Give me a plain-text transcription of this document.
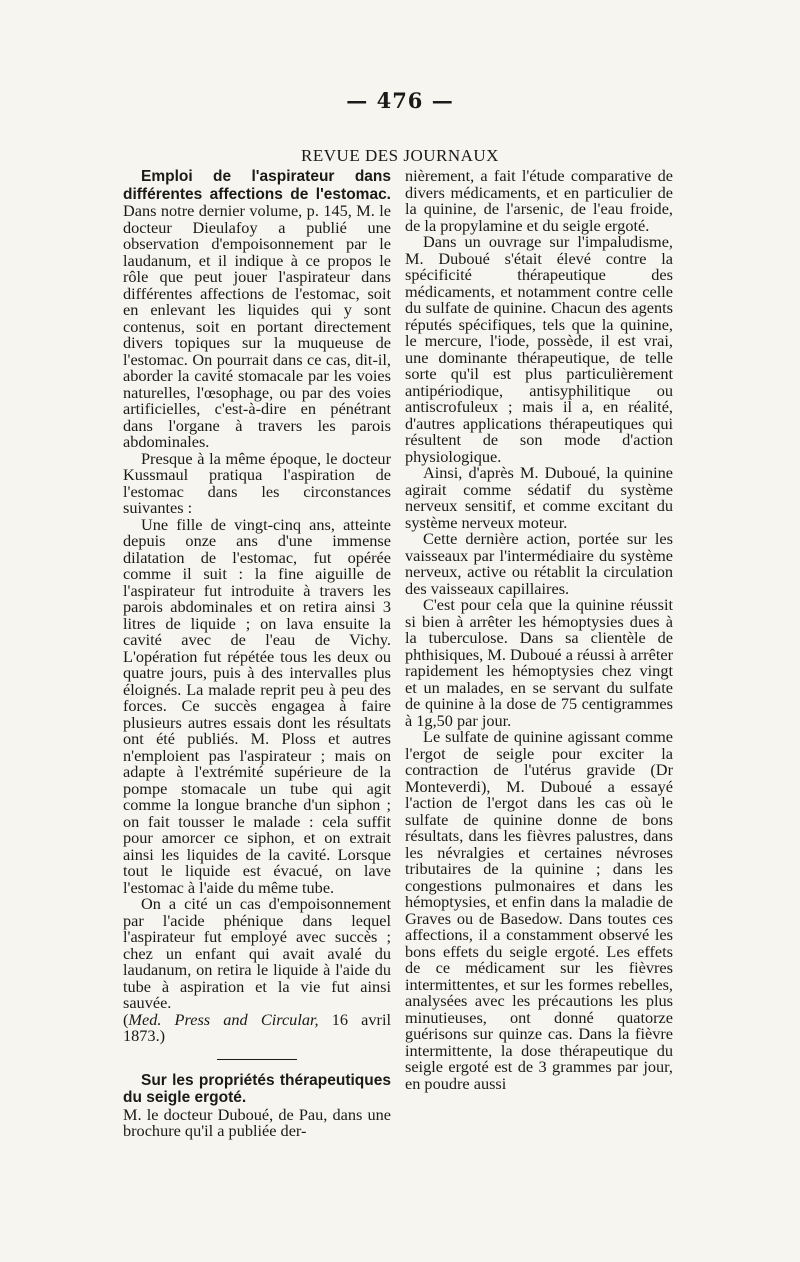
— 476 —
REVUE DES JOURNAUX

Emploi de l'aspirateur dans différentes affections de l'estomac. Dans notre dernier volume, p. 145, M. le docteur Dieulafoy a publié une observation d'empoisonnement par le laudanum, et il indique à ce propos le rôle que peut jouer l'aspirateur dans différentes affections de l'estomac, soit en enlevant les liquides qui y sont contenus, soit en portant directement divers topiques sur la muqueuse de l'estomac. On pourrait dans ce cas, dit-il, aborder la cavité stomacale par les voies naturelles, l'œsophage, ou par des voies artificielles, c'est-à-dire en pénétrant dans l'organe à travers les parois abdominales.

Presque à la même époque, le docteur Kussmaul pratiqua l'aspiration de l'estomac dans les circonstances suivantes :

Une fille de vingt-cinq ans, atteinte depuis onze ans d'une immense dilatation de l'estomac, fut opérée comme il suit : la fine aiguille de l'aspirateur fut introduite à travers les parois abdominales et on retira ainsi 3 litres de liquide ; on lava ensuite la cavité avec de l'eau de Vichy. L'opération fut répétée tous les deux ou quatre jours, puis à des intervalles plus éloignés. La malade reprit peu à peu des forces. Ce succès engagea à faire plusieurs autres essais dont les résultats ont été publiés. M. Ploss et autres n'emploient pas l'aspirateur ; mais on adapte à l'extrémité supérieure de la pompe stomacale un tube qui agit comme la longue branche d'un siphon ; on fait tousser le malade : cela suffit pour amorcer ce siphon, et on extrait ainsi les liquides de la cavité. Lorsque tout le liquide est évacué, on lave l'estomac à l'aide du même tube.

On a cité un cas d'empoisonnement par l'acide phénique dans lequel l'aspirateur fut employé avec succès ; chez un enfant qui avait avalé du laudanum, on retira le liquide à l'aide du tube à aspiration et la vie fut ainsi sauvée.

(Med. Press and Circular, 16 avril 1873.)

Sur les propriétés thérapeutiques du seigle ergoté.

M. le docteur Duboué, de Pau, dans une brochure qu'il a publiée der-

nièrement, a fait l'étude comparative de divers médicaments, et en particulier de la quinine, de l'arsenic, de l'eau froide, de la propylamine et du seigle ergoté.

Dans un ouvrage sur l'impaludisme, M. Duboué s'était élevé contre la spécificité thérapeutique des médicaments, et notamment contre celle du sulfate de quinine. Chacun des agents réputés spécifiques, tels que la quinine, le mercure, l'iode, possède, il est vrai, une dominante thérapeutique, de telle sorte qu'il est plus particulièrement antipériodique, antisyphilitique ou antiscrofuleux ; mais il a, en réalité, d'autres applications thérapeutiques qui résultent de son mode d'action physiologique.

Ainsi, d'après M. Duboué, la quinine agirait comme sédatif du système nerveux sensitif, et comme excitant du système nerveux moteur.

Cette dernière action, portée sur les vaisseaux par l'intermédiaire du système nerveux, active ou rétablit la circulation des vaisseaux capillaires.

C'est pour cela que la quinine réussit si bien à arrêter les hémoptysies dues à la tuberculose. Dans sa clientèle de phthisiques, M. Duboué a réussi à arrêter rapidement les hémoptysies chez vingt et un malades, en se servant du sulfate de quinine à la dose de 75 centigrammes à 1g,50 par jour.

Le sulfate de quinine agissant comme l'ergot de seigle pour exciter la contraction de l'utérus gravide (Dr Monteverdi), M. Duboué a essayé l'action de l'ergot dans les cas où le sulfate de quinine donne de bons résultats, dans les fièvres palustres, dans les névralgies et certaines névroses tributaires de la quinine ; dans les congestions pulmonaires et dans les hémoptysies, et enfin dans la maladie de Graves ou de Basedow. Dans toutes ces affections, il a constamment observé les bons effets du seigle ergoté. Les effets de ce médicament sur les fièvres intermittentes, et sur les formes rebelles, analysées avec les précautions les plus minutieuses, ont donné quatorze guérisons sur quinze cas. Dans la fièvre intermittente, la dose thérapeutique du seigle ergoté est de 3 grammes par jour, en poudre aussi
